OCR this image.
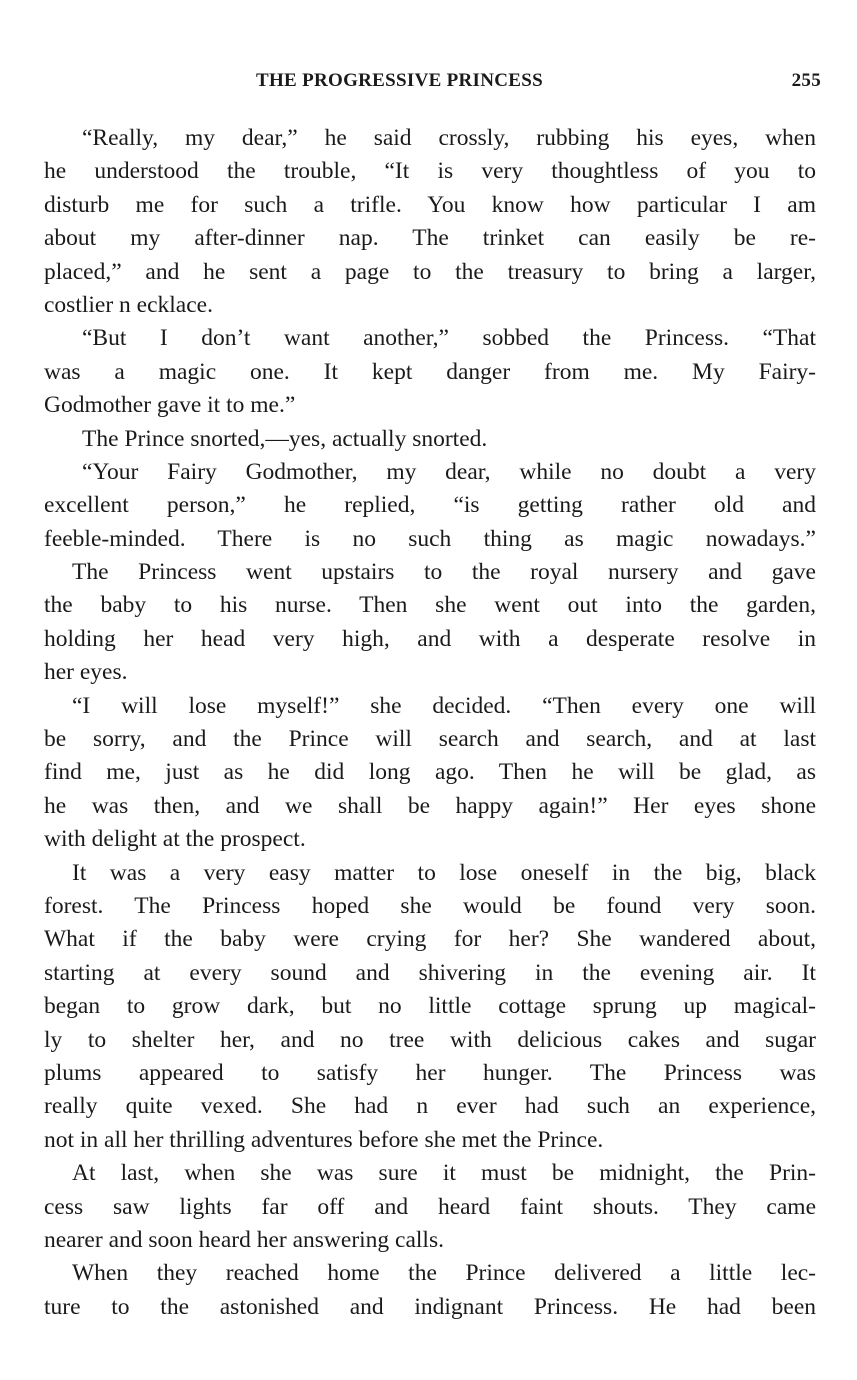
THE PROGRESSIVE PRINCESS	255
“Really, my dear,” he said crossly, rubbing his eyes, when
he understood the trouble, “It is very thoughtless of you to
disturb me for such a trifle. You know how particular I am
about my after-dinner nap. The trinket can easily be re-
placed,” and he sent a page to the treasury to bring a larger,
costlier n ecklace.
“But I don’t want another,” sobbed the Princess. “That
was a magic one. It kept danger from me. My Fairy-
Godmother gave it to me.”
The Prince snorted,—yes, actually snorted.
“Your Fairy Godmother, my dear, while no doubt a very
excellent person,” he replied, “is getting rather old and
feeble-minded. There is no such thing as magic nowadays.”
The Princess went upstairs to the royal nursery and gave
the baby to his nurse. Then she went out into the garden,
holding her head very high, and with a desperate resolve in
her eyes.
“I will lose myself!” she decided. “Then every one will
be sorry, and the Prince will search and search, and at last
find me, just as he did long ago. Then he will be glad, as
he was then, and we shall be happy again!” Her eyes shone
with delight at the prospect.
It was a very easy matter to lose oneself in the big, black
forest. The Princess hoped she would be found very soon.
What if the baby were crying for her? She wandered about,
starting at every sound and shivering in the evening air. It
began to grow dark, but no little cottage sprung up magical-
ly to shelter her, and no tree with delicious cakes and sugar
plums appeared to satisfy her hunger. The Princess was
really quite vexed. She had n ever had such an experience,
not in all her thrilling adventures before she met the Prince.
At last, when she was sure it must be midnight, the Prin-
cess saw lights far off and heard faint shouts. They came
nearer and soon heard her answering calls.
When they reached home the Prince delivered a little lec-
ture to the astonished and indignant Princess. He had been
